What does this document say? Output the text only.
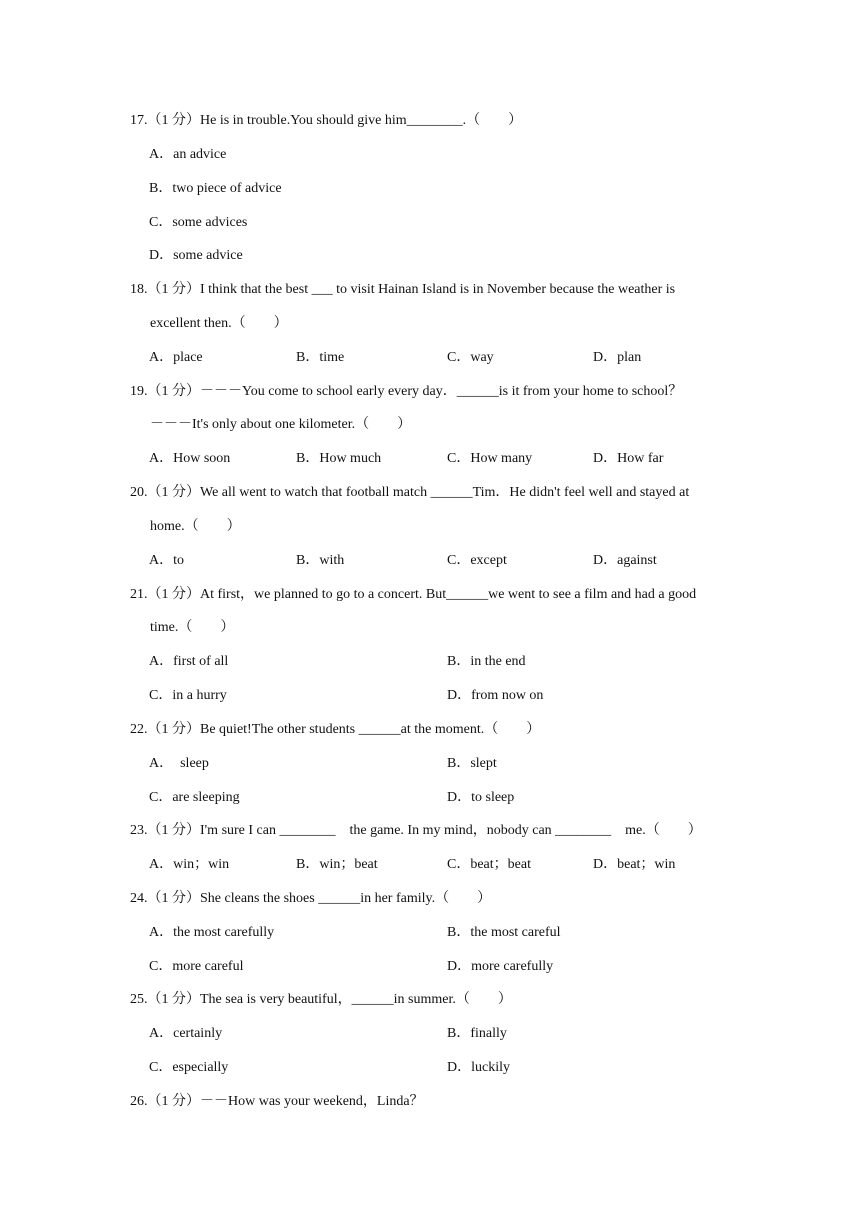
17.（1 分）He is in trouble.You should give him________.（　　）
A．an advice
B．two piece of advice
C．some advices
D．some advice
18.（1 分）I think that the best ___ to visit Hainan Island is in November because the weather is
excellent then.（　　）
A．place	B．time	C．way	D．plan
19.（1 分）－－－You come to school early every day．______is it from your home to school？
－－－It's only about one kilometer.（　　）
A．How soon	B．How much	C．How many	D．How far
20.（1 分）We all went to watch that football match ______Tim．He didn't feel well and stayed at
home.（　　）
A．to	B．with	C．except	D．against
21.（1 分）At first，we planned to go to a concert. But______we went to see a film and had a good
time.（　　）
A．first of all	B．in the end
C．in a hurry	D．from now on
22.（1 分）Be quiet!The other students ______at the moment.（　　）
A．  sleep	B．slept
C．are sleeping	D．to sleep
23.（1 分）I'm sure I can ________    the game. In my mind，nobody can ________    me.（　　）
A．win；win	B．win；beat	C．beat；beat	D．beat；win
24.（1 分）She cleans the shoes ______in her family.（　　）
A．the most carefully	B．the most careful
C．more careful	D．more carefully
25.（1 分）The sea is very beautiful，______in summer.（　　）
A．certainly	B．finally
C．especially	D．luckily
26.（1 分）－－How was your weekend，Linda？
